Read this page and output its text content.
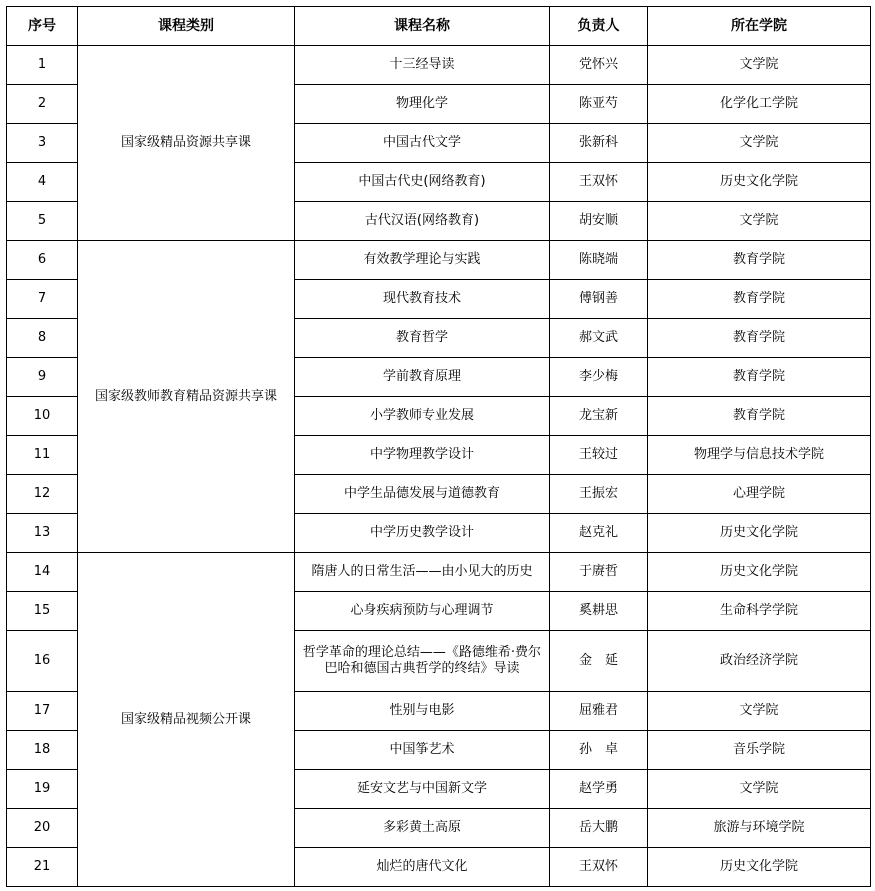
序号	课程类别	课程名称	负责人	所在学院
1	国家级精品资源共享课	十三经导读	党怀兴	文学院
2		物理化学	陈亚芍	化学化工学院
3		中国古代文学	张新科	文学院
4		中国古代史(网络教育)	王双怀	历史文化学院
5		古代汉语(网络教育)	胡安顺	文学院
6	国家级教师教育精品资源共享课	有效教学理论与实践	陈晓端	教育学院
7		现代教育技术	傅钢善	教育学院
8		教育哲学	郝文武	教育学院
9		学前教育原理	李少梅	教育学院
10		小学教师专业发展	龙宝新	教育学院
11		中学物理教学设计	王较过	物理学与信息技术学院
12		中学生品德发展与道德教育	王振宏	心理学院
13		中学历史教学设计	赵克礼	历史文化学院
14	国家级精品视频公开课	隋唐人的日常生活——由小见大的历史	于赓哲	历史文化学院
15		心身疾病预防与心理调节	奚耕思	生命科学学院
16		哲学革命的理论总结——《路德维希·费尔巴哈和德国古典哲学的终结》导读	金　延	政治经济学院
17		性别与电影	屈雅君	文学院
18		中国筝艺术	孙　卓	音乐学院
19		延安文艺与中国新文学	赵学勇	文学院
20		多彩黄土高原	岳大鹏	旅游与环境学院
21		灿烂的唐代文化	王双怀	历史文化学院
